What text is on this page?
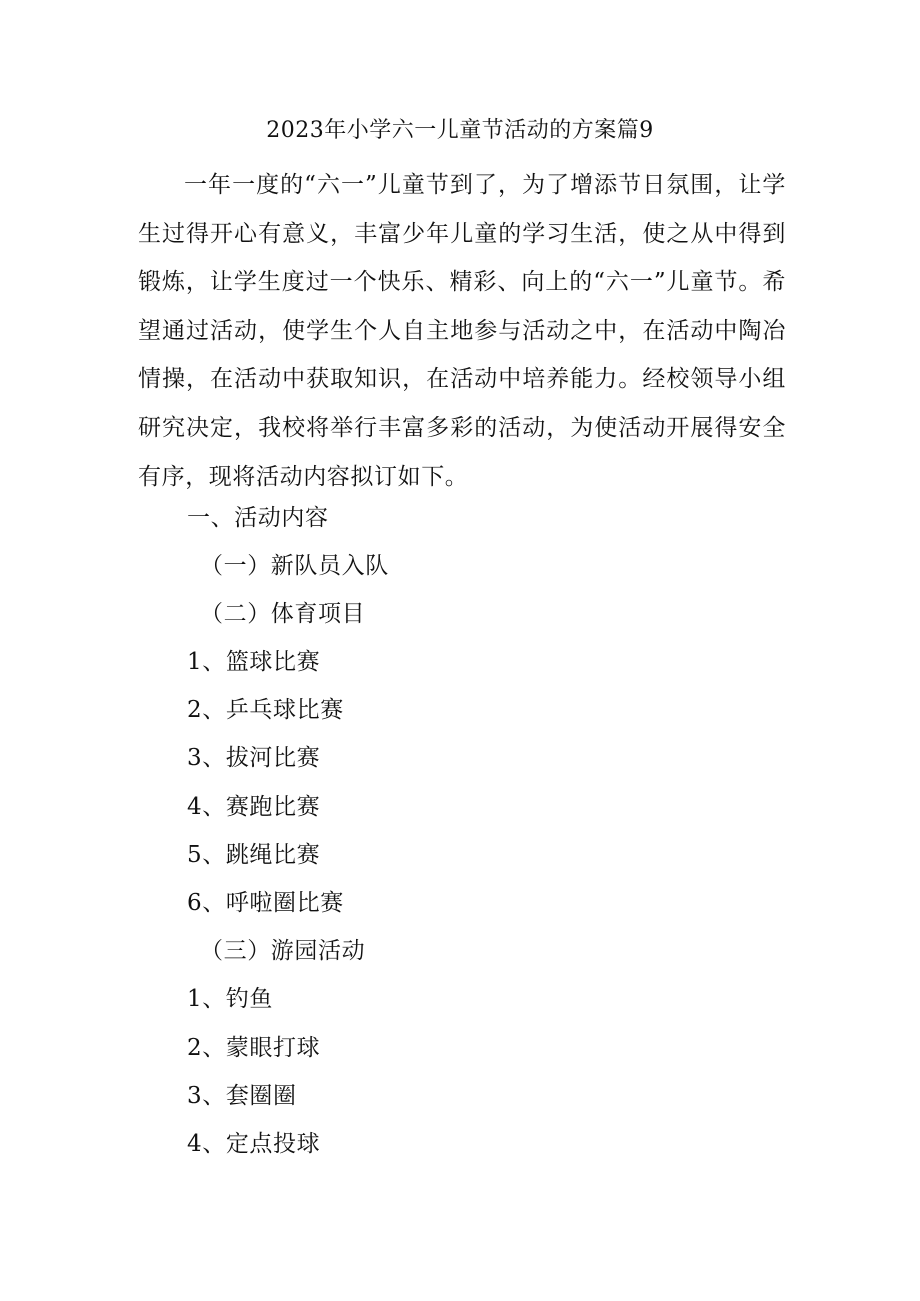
2023年小学六一儿童节活动的方案篇9

一年一度的“六一”儿童节到了，为了增添节日氛围，让学生过得开心有意义，丰富少年儿童的学习生活，使之从中得到锻炼，让学生度过一个快乐、精彩、向上的“六一”儿童节。希望通过活动，使学生个人自主地参与活动之中，在活动中陶冶情操，在活动中获取知识，在活动中培养能力。经校领导小组研究决定，我校将举行丰富多彩的活动，为使活动开展得安全有序，现将活动内容拟订如下。

一、活动内容
（一）新队员入队
（二）体育项目
1、篮球比赛
2、乒乓球比赛
3、拔河比赛
4、赛跑比赛
5、跳绳比赛
6、呼啦圈比赛
（三）游园活动
1、钓鱼
2、蒙眼打球
3、套圈圈
4、定点投球
